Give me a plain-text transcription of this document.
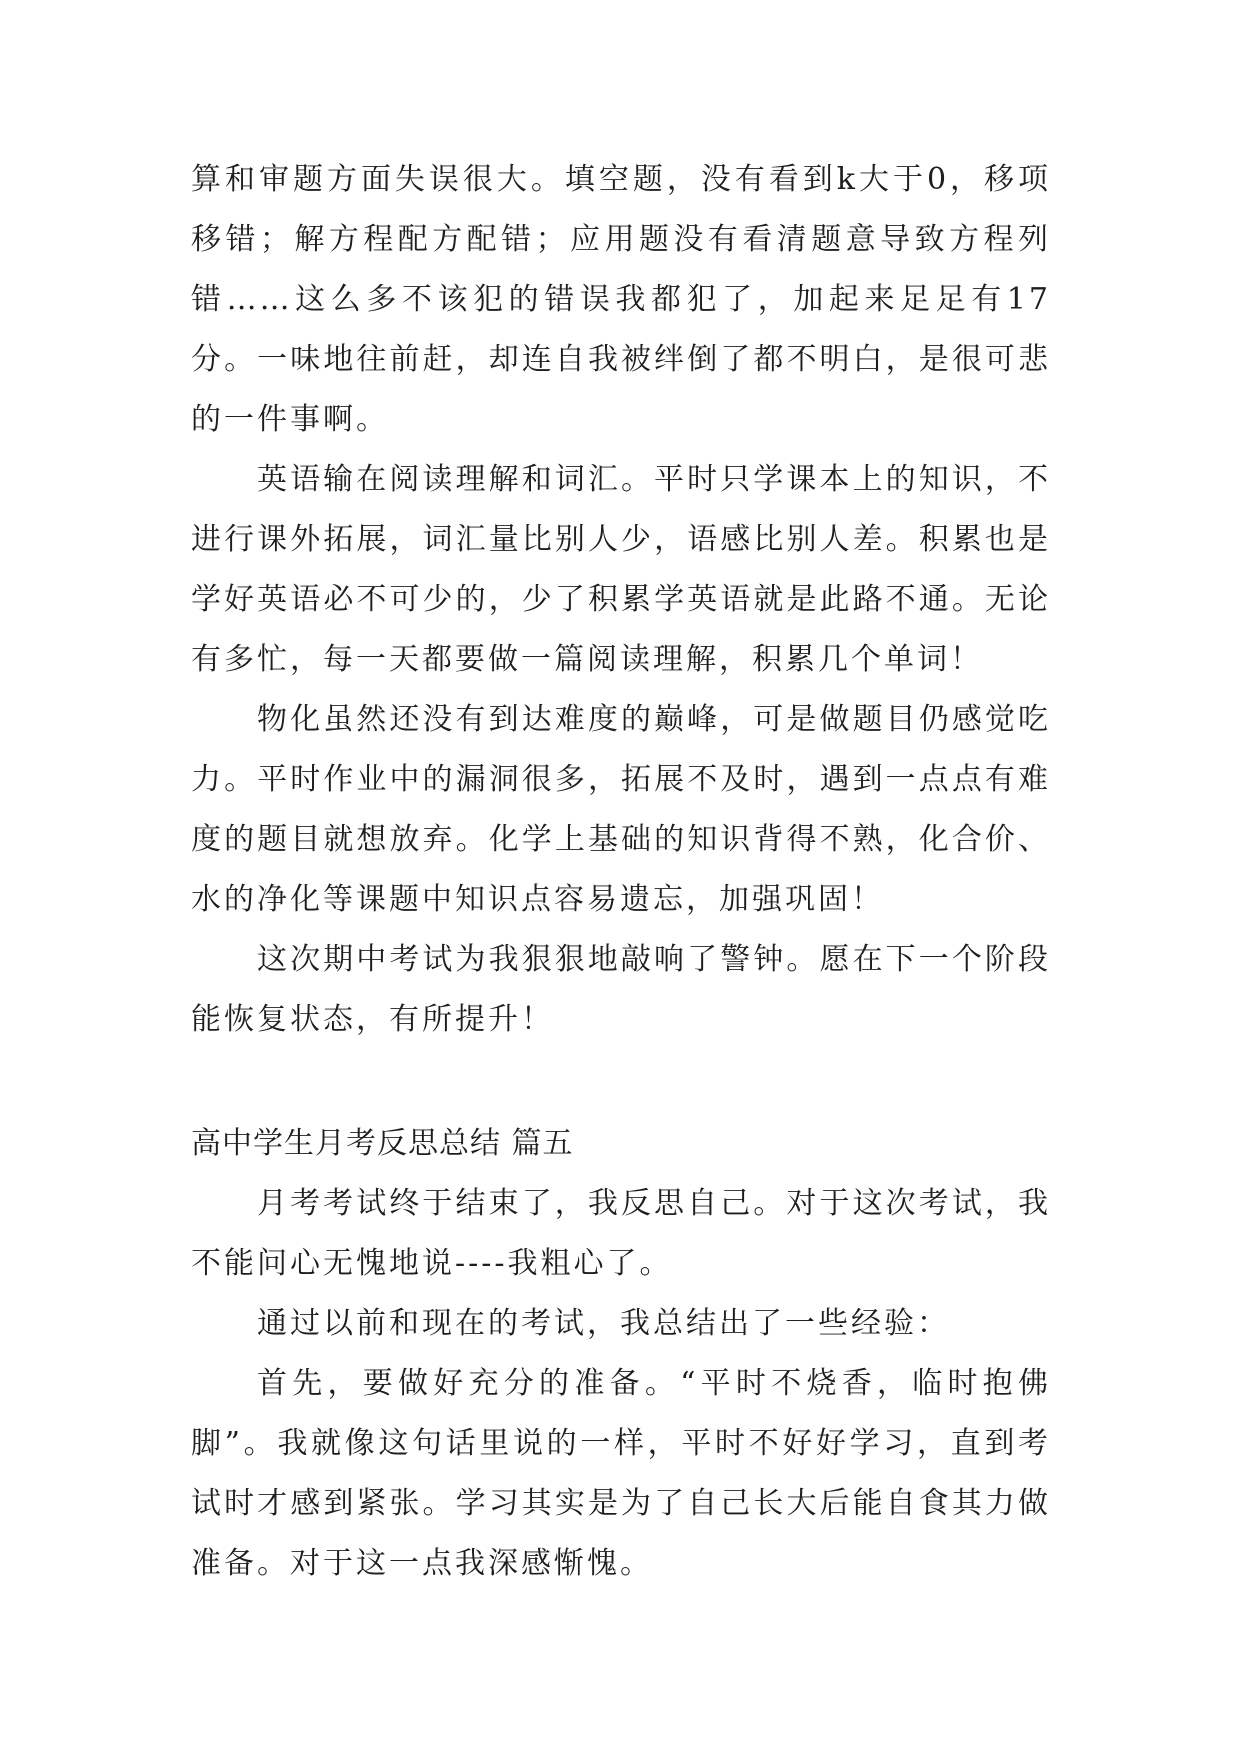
算和审题方面失误很大。填空题，没有看到k大于0，移项移错；解方程配方配错；应用题没有看清题意导致方程列错……这么多不该犯的错误我都犯了，加起来足足有17分。一味地往前赶，却连自我被绊倒了都不明白，是很可悲的一件事啊。

英语输在阅读理解和词汇。平时只学课本上的知识，不进行课外拓展，词汇量比别人少，语感比别人差。积累也是学好英语必不可少的，少了积累学英语就是此路不通。无论有多忙，每一天都要做一篇阅读理解，积累几个单词！

物化虽然还没有到达难度的巅峰，可是做题目仍感觉吃力。平时作业中的漏洞很多，拓展不及时，遇到一点点有难度的题目就想放弃。化学上基础的知识背得不熟，化合价、水的净化等课题中知识点容易遗忘，加强巩固！

这次期中考试为我狠狠地敲响了警钟。愿在下一个阶段能恢复状态，有所提升！

高中学生月考反思总结 篇五

月考考试终于结束了，我反思自己。对于这次考试，我不能问心无愧地说----我粗心了。

通过以前和现在的考试，我总结出了一些经验：

首先，要做好充分的准备。“平时不烧香，临时抱佛脚”。我就像这句话里说的一样，平时不好好学习，直到考试时才感到紧张。学习其实是为了自己长大后能自食其力做准备。对于这一点我深感惭愧。
